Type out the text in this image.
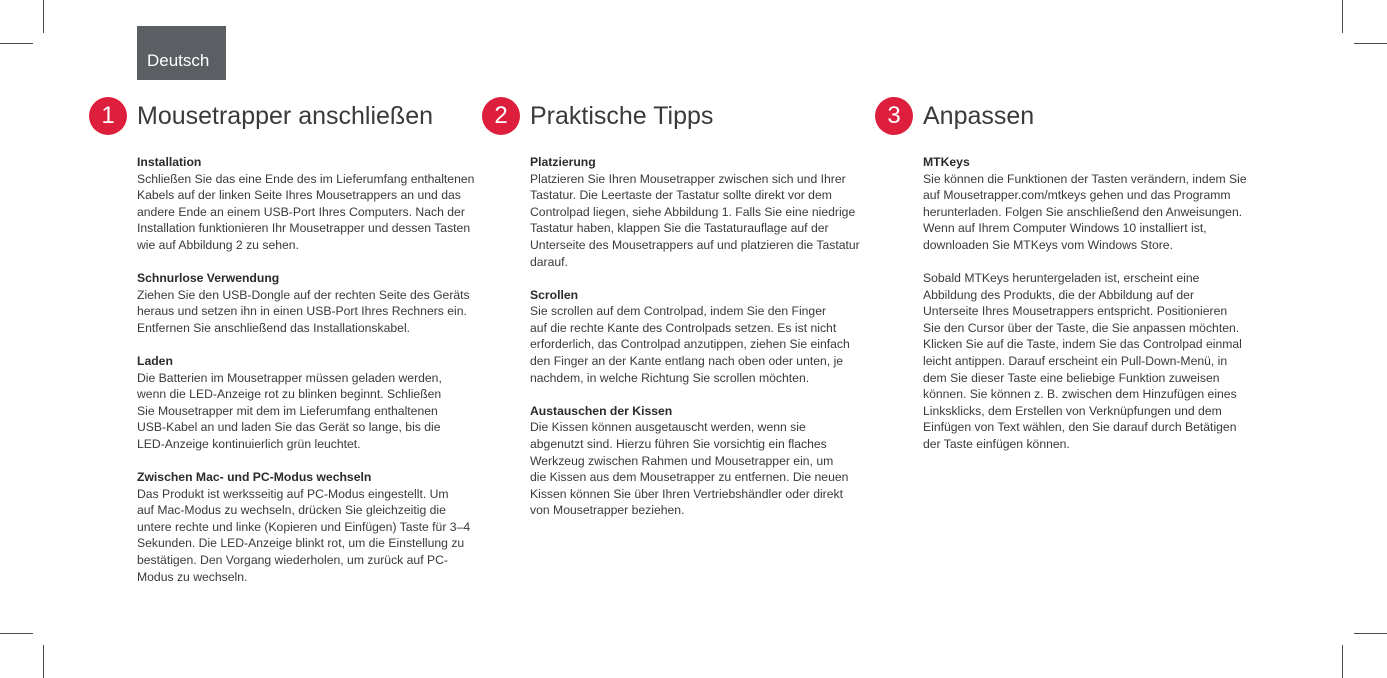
Deutsch
1 Mousetrapper anschließen
Installation
Schließen Sie das eine Ende des im Lieferumfang enthaltenen
Kabels auf der linken Seite Ihres Mousetrappers an und das
andere Ende an einem USB-Port Ihres Computers. Nach der
Installation funktionieren Ihr Mousetrapper und dessen Tasten
wie auf Abbildung 2 zu sehen.
Schnurlose Verwendung
Ziehen Sie den USB-Dongle auf der rechten Seite des Geräts
heraus und setzen ihn in einen USB-Port Ihres Rechners ein.
Entfernen Sie anschließend das Installationskabel.
Laden
Die Batterien im Mousetrapper müssen geladen werden,
wenn die LED-Anzeige rot zu blinken beginnt. Schließen
Sie Mousetrapper mit dem im Lieferumfang enthaltenen
USB-Kabel an und laden Sie das Gerät so lange, bis die
LED-Anzeige kontinuierlich grün leuchtet.
Zwischen Mac- und PC-Modus wechseln
Das Produkt ist werksseitig auf PC-Modus eingestellt. Um
auf Mac-Modus zu wechseln, drücken Sie gleichzeitig die
untere rechte und linke (Kopieren und Einfügen) Taste für 3–4
Sekunden. Die LED-Anzeige blinkt rot, um die Einstellung zu
bestätigen. Den Vorgang wiederholen, um zurück auf PC-
Modus zu wechseln.
2 Praktische Tipps
Platzierung
Platzieren Sie Ihren Mousetrapper zwischen sich und Ihrer
Tastatur. Die Leertaste der Tastatur sollte direkt vor dem
Controlpad liegen, siehe Abbildung 1. Falls Sie eine niedrige
Tastatur haben, klappen Sie die Tastaturauflage auf der
Unterseite des Mousetrappers auf und platzieren die Tastatur
darauf.
Scrollen
Sie scrollen auf dem Controlpad, indem Sie den Finger
auf die rechte Kante des Controlpads setzen. Es ist nicht
erforderlich, das Controlpad anzutippen, ziehen Sie einfach
den Finger an der Kante entlang nach oben oder unten, je
nachdem, in welche Richtung Sie scrollen möchten.
Austauschen der Kissen
Die Kissen können ausgetauscht werden, wenn sie
abgenutzt sind. Hierzu führen Sie vorsichtig ein flaches
Werkzeug zwischen Rahmen und Mousetrapper ein, um
die Kissen aus dem Mousetrapper zu entfernen. Die neuen
Kissen können Sie über Ihren Vertriebshändler oder direkt
von Mousetrapper beziehen.
3 Anpassen
MTKeys
Sie können die Funktionen der Tasten verändern, indem Sie
auf Mousetrapper.com/mtkeys gehen und das Programm
herunterladen. Folgen Sie anschließend den Anweisungen.
Wenn auf Ihrem Computer Windows 10 installiert ist,
downloaden Sie MTKeys vom Windows Store.
Sobald MTKeys heruntergeladen ist, erscheint eine
Abbildung des Produkts, die der Abbildung auf der
Unterseite Ihres Mousetrappers entspricht. Positionieren
Sie den Cursor über der Taste, die Sie anpassen möchten.
Klicken Sie auf die Taste, indem Sie das Controlpad einmal
leicht antippen. Darauf erscheint ein Pull-Down-Menü, in
dem Sie dieser Taste eine beliebige Funktion zuweisen
können. Sie können z. B. zwischen dem Hinzufügen eines
Linksklicks, dem Erstellen von Verknüpfungen und dem
Einfügen von Text wählen, den Sie darauf durch Betätigen
der Taste einfügen können.
